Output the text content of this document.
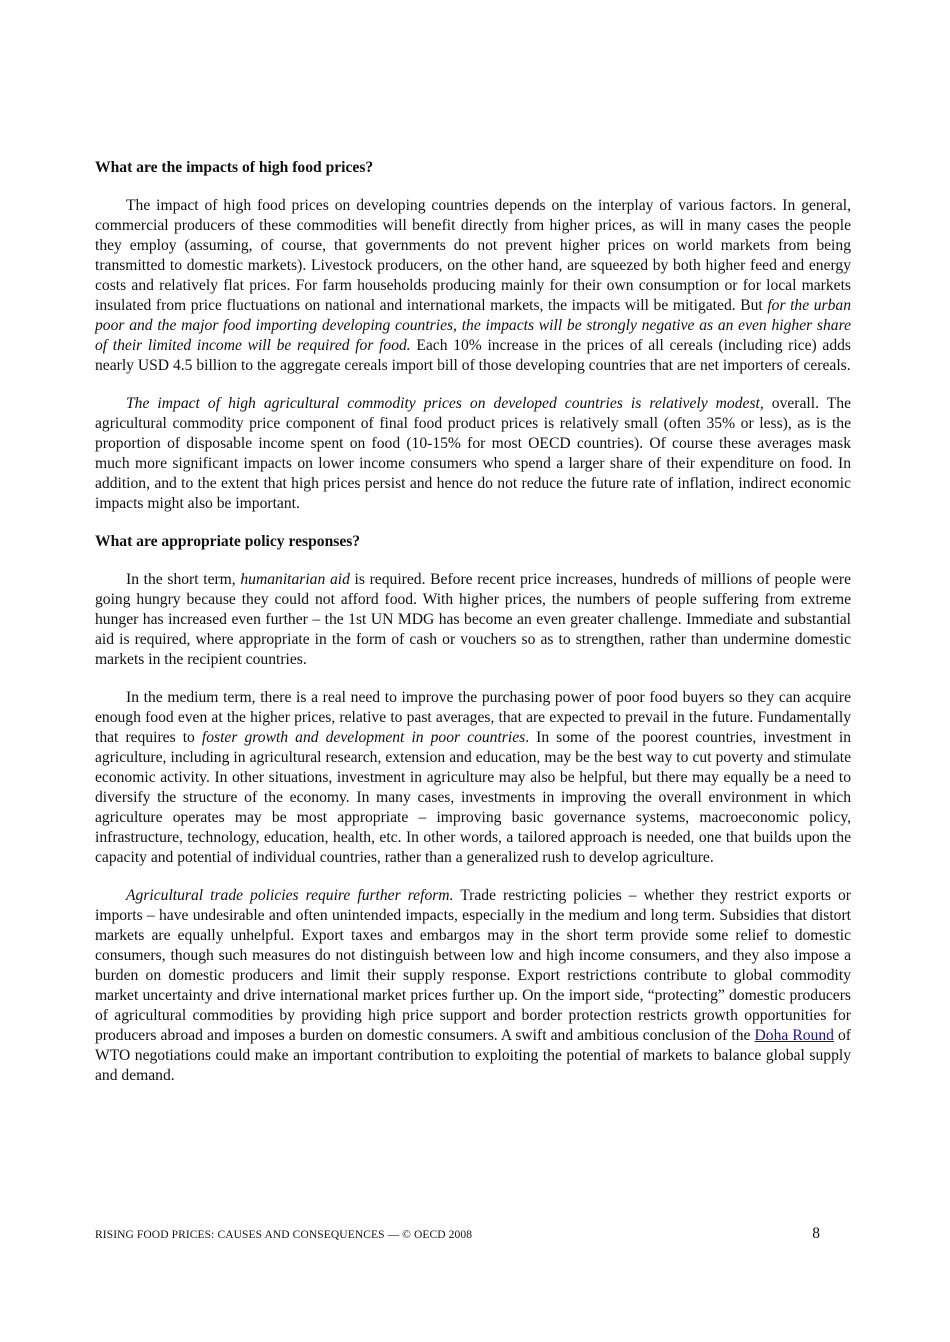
What are the impacts of high food prices?

The impact of high food prices on developing countries depends on the interplay of various factors. In general, commercial producers of these commodities will benefit directly from higher prices, as will in many cases the people they employ (assuming, of course, that governments do not prevent higher prices on world markets from being transmitted to domestic markets). Livestock producers, on the other hand, are squeezed by both higher feed and energy costs and relatively flat prices. For farm households producing mainly for their own consumption or for local markets insulated from price fluctuations on national and international markets, the impacts will be mitigated. But for the urban poor and the major food importing developing countries, the impacts will be strongly negative as an even higher share of their limited income will be required for food. Each 10% increase in the prices of all cereals (including rice) adds nearly USD 4.5 billion to the aggregate cereals import bill of those developing countries that are net importers of cereals.

The impact of high agricultural commodity prices on developed countries is relatively modest, overall. The agricultural commodity price component of final food product prices is relatively small (often 35% or less), as is the proportion of disposable income spent on food (10-15% for most OECD countries). Of course these averages mask much more significant impacts on lower income consumers who spend a larger share of their expenditure on food. In addition, and to the extent that high prices persist and hence do not reduce the future rate of inflation, indirect economic impacts might also be important.

What are appropriate policy responses?

In the short term, humanitarian aid is required. Before recent price increases, hundreds of millions of people were going hungry because they could not afford food. With higher prices, the numbers of people suffering from extreme hunger has increased even further – the 1st UN MDG has become an even greater challenge. Immediate and substantial aid is required, where appropriate in the form of cash or vouchers so as to strengthen, rather than undermine domestic markets in the recipient countries.

In the medium term, there is a real need to improve the purchasing power of poor food buyers so they can acquire enough food even at the higher prices, relative to past averages, that are expected to prevail in the future. Fundamentally that requires to foster growth and development in poor countries. In some of the poorest countries, investment in agriculture, including in agricultural research, extension and education, may be the best way to cut poverty and stimulate economic activity. In other situations, investment in agriculture may also be helpful, but there may equally be a need to diversify the structure of the economy. In many cases, investments in improving the overall environment in which agriculture operates may be most appropriate – improving basic governance systems, macroeconomic policy, infrastructure, technology, education, health, etc. In other words, a tailored approach is needed, one that builds upon the capacity and potential of individual countries, rather than a generalized rush to develop agriculture.

Agricultural trade policies require further reform. Trade restricting policies – whether they restrict exports or imports – have undesirable and often unintended impacts, especially in the medium and long term. Subsidies that distort markets are equally unhelpful. Export taxes and embargos may in the short term provide some relief to domestic consumers, though such measures do not distinguish between low and high income consumers, and they also impose a burden on domestic producers and limit their supply response. Export restrictions contribute to global commodity market uncertainty and drive international market prices further up. On the import side, “protecting” domestic producers of agricultural commodities by providing high price support and border protection restricts growth opportunities for producers abroad and imposes a burden on domestic consumers. A swift and ambitious conclusion of the Doha Round of WTO negotiations could make an important contribution to exploiting the potential of markets to balance global supply and demand.

RISING FOOD PRICES: CAUSES AND CONSEQUENCES — © OECD 2008	8
